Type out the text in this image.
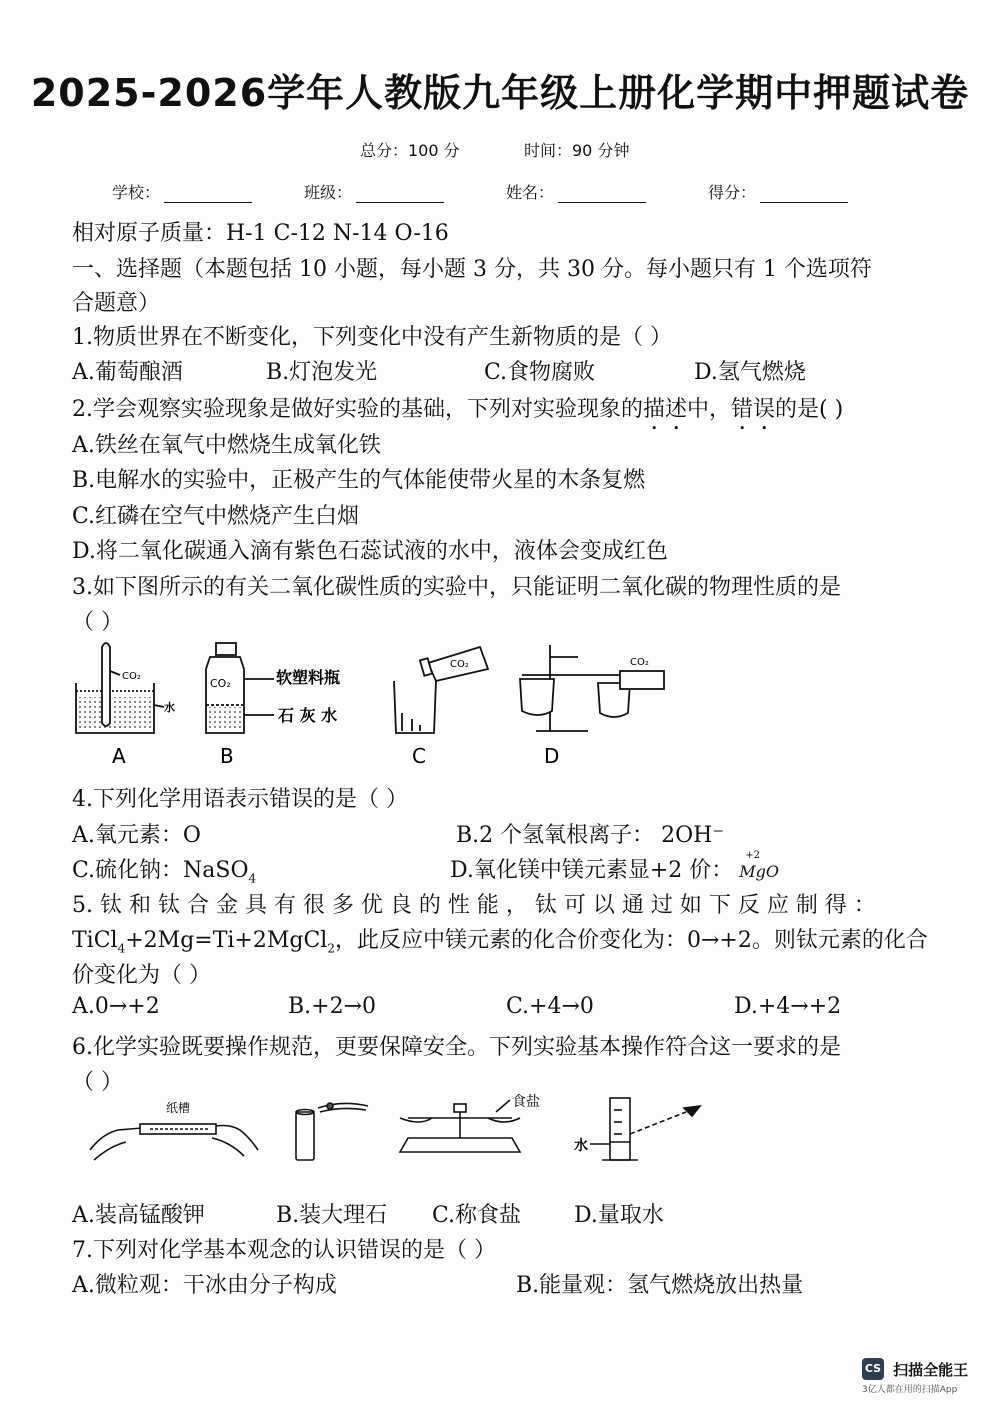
2025-2026学年人教版九年级上册化学期中押题试卷
总分：100 分	时间：90 分钟
学校：	班级：	姓名：	得分：
相对原子质量：H-1 C-12 N-14 O-16
一、选择题（本题包括 10 小题，每小题 3 分，共 30 分。每小题只有 1 个选项符
合题意）
1.物质世界在不断变化，下列变化中没有产生新物质的是（ ）
A.葡萄酿酒	B.灯泡发光	C.食物腐败	D.氢气燃烧
2.学会观察实验现象是做好实验的基础，下列对实验现象的描述中，错误的是( )
A.铁丝在氧气中燃烧生成氧化铁
B.电解水的实验中，正极产生的气体能使带火星的木条复燃
C.红磷在空气中燃烧产生白烟
D.将二氧化碳通入滴有紫色石蕊试液的水中，液体会变成红色
3.如下图所示的有关二氧化碳性质的实验中，只能证明二氧化碳的物理性质的是
（ ）
CO₂
水
CO₂	软塑料瓶
石 灰 水
CO₂	CO₂
A	B	C	D
4.下列化学用语表示错误的是（ ）
A.氧元素：O	B.2 个氢氧根离子： 2OH⁻
C.硫化钠：NaSO$_4$	D.氧化镁中镁元素显+2 价：
+2
MgO
5. 钛 和 钛 合 金 具 有 很 多 优 良 的 性 能 ， 钛 可 以 通 过 如 下 反 应 制 得 ：
TiCl$_4$+2Mg=Ti+2MgCl$_2$，此反应中镁元素的化合价变化为：0→+2。则钛元素的化合
价变化为（ ）
A.0→+2	B.+2→0	C.+4→0	D.+4→+2
6.化学实验既要操作规范，更要保障安全。下列实验基本操作符合这一要求的是
（ ）
纸槽	食盐
水
A.装高锰酸钾	B.装大理石 C.称食盐 D.量取水
7.下列对化学基本观念的认识错误的是（ ）
A.微粒观：干冰由分子构成	B.能量观：氢气燃烧放出热量
CS 扫描全能王
3亿人都在用的扫描App
